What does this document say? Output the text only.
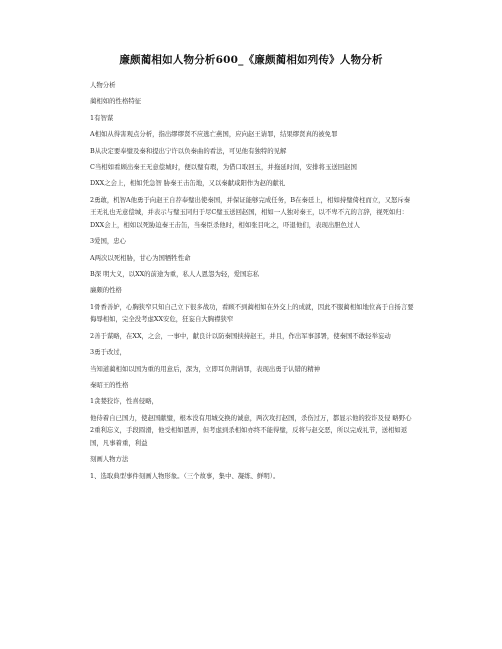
廉颇蔺相如人物分析600_《廉颇蔺相如列传》人物分析

人物分析

蔺相如的性格特征

1有智谋

A相如从得害观点分析，指出缪缪贤不应逃亡燕国，应向赵王请罪，结果缪贤真的被免罪

B从决定要奉璧及秦和提出宁许以负秦曲的看法，可见他有独特的见解

C当相如看顾出秦王无意偿城时，便以璧有瑕，为借口取回玉，并拖延时间，安排将玉送回赵国

DXX之会上，相如凭急智 胁秦王击缶地，又以秦献咸阳作为赵的献礼

2勇敢，机智A他勇于向赵王自荐奉璧出使秦国，并保证能够完成任务，B在秦廷上，相如持璧倚柱而立，又怒斥秦王无礼也无意偿城，并表示与璧玉同归于尽C璧玉送回赵国，相如一人独对秦王，以不卑不亢的言辞，视死如归：DXX会上，相如以死胁迫秦王击缶，当秦臣杀他时，相如张目叱之，吓退他们，表现出胆色过人

3爱国，忠心

A两次以死相胁，甘心为国牺牲性命

B深 明大义，以XX的前途为重，私人人恩怨为轻，爱国忘私

廉颇的性格

1骨香善妒，心胸狭窄只知自己立下很多战功，看顾不到蔺相如在外交上的成就，因此不服蔺相如地位高于自扬言要侮辱相如，完全没考虑XX安危，狂妄自大胸襟狭窄

2善于谋略，在XX，之会，一事中，献良计以防秦国挟持赵王，并且，作出军事部署，使秦国不敢轻举妄动

3勇于改过，

当知道蔺相如以国为重的用意后，深为，立即耳负荆请罪，表现出勇于认错的精神

秦昭王的性格

1贪婪狡诈，性喜侵略，

他侍着自已国力，使赵国献璧，根本没有用城交换的诚意，两次攻打赵国，杀伤过万，都显示他的狡诈及侵 略野心2重利忘义，手段圆滑，他受相如恩弄，但考虑到杀相如亦终不能得璧，反将与赵交恶，所以完成礼节，送相如返国，凡事着重，利益

刻画人物方法

1、选取典型事件刻画人物形象。（三个故事，集中、凝练、鲜明）。
